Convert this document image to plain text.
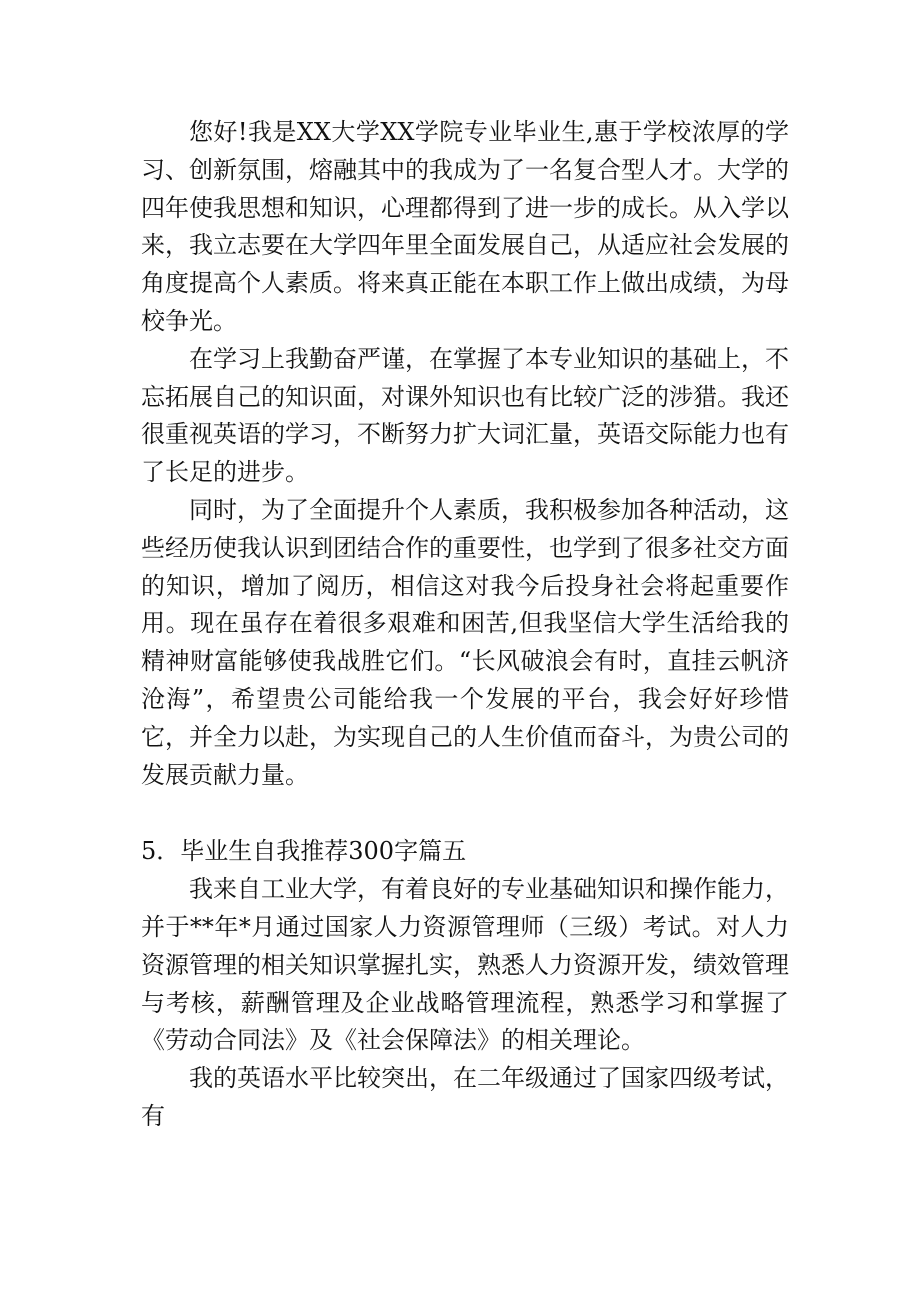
您好!我是XX大学XX学院专业毕业生,惠于学校浓厚的学习、创新氛围，熔融其中的我成为了一名复合型人才。大学的四年使我思想和知识，心理都得到了进一步的成长。从入学以来，我立志要在大学四年里全面发展自己，从适应社会发展的角度提高个人素质。将来真正能在本职工作上做出成绩，为母校争光。

在学习上我勤奋严谨，在掌握了本专业知识的基础上，不忘拓展自己的知识面，对课外知识也有比较广泛的涉猎。我还很重视英语的学习，不断努力扩大词汇量，英语交际能力也有了长足的进步。

同时，为了全面提升个人素质，我积极参加各种活动，这些经历使我认识到团结合作的重要性，也学到了很多社交方面的知识，增加了阅历，相信这对我今后投身社会将起重要作用。现在虽存在着很多艰难和困苦,但我坚信大学生活给我的精神财富能够使我战胜它们。“长风破浪会有时，直挂云帆济沧海”，希望贵公司能给我一个发展的平台，我会好好珍惜它，并全力以赴，为实现自己的人生价值而奋斗，为贵公司的发展贡献力量。

5．毕业生自我推荐300字篇五

我来自工业大学，有着良好的专业基础知识和操作能力，并于**年*月通过国家人力资源管理师（三级）考试。对人力资源管理的相关知识掌握扎实，熟悉人力资源开发，绩效管理与考核，薪酬管理及企业战略管理流程，熟悉学习和掌握了《劳动合同法》及《社会保障法》的相关理论。

我的英语水平比较突出，在二年级通过了国家四级考试，有
